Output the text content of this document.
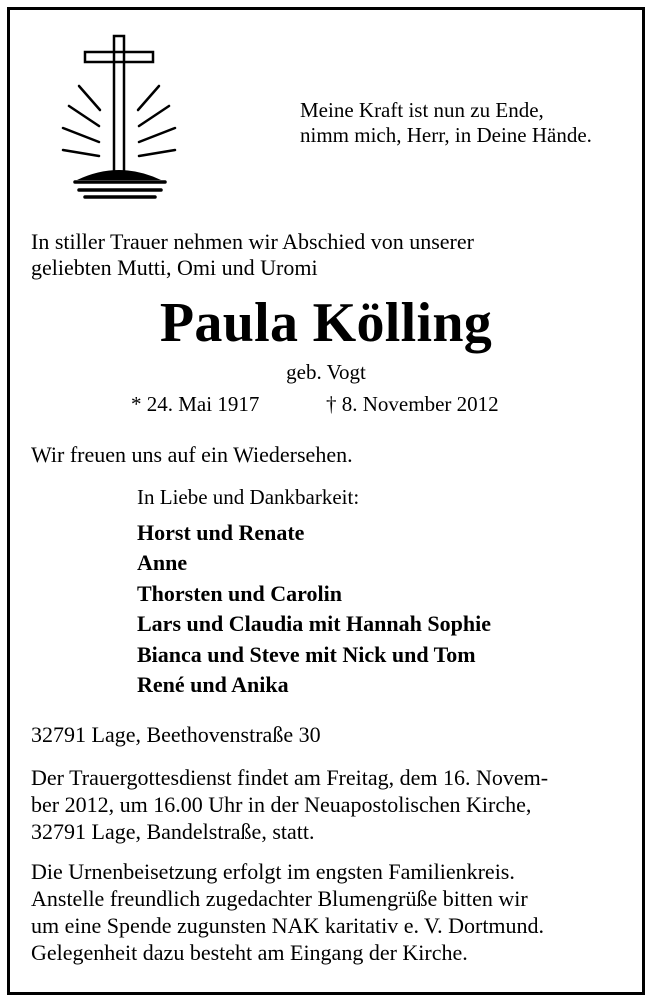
Meine Kraft ist nun zu Ende,
nimm mich, Herr, in Deine Hände.
In stiller Trauer nehmen wir Abschied von unserer
geliebten Mutti, Omi und Uromi
Paula Kölling
geb. Vogt
* 24. Mai 1917	† 8. November 2012
Wir freuen uns auf ein Wiedersehen.
In Liebe und Dankbarkeit:
Horst und Renate
Anne
Thorsten und Carolin
Lars und Claudia mit Hannah Sophie
Bianca und Steve mit Nick und Tom
René und Anika
32791 Lage, Beethovenstraße 30
Der Trauergottesdienst findet am Freitag, dem 16. Novem-
ber 2012, um 16.00 Uhr in der Neuapostolischen Kirche,
32791 Lage, Bandelstraße, statt.
Die Urnenbeisetzung erfolgt im engsten Familienkreis.
Anstelle freundlich zugedachter Blumengrüße bitten wir
um eine Spende zugunsten NAK karitativ e. V. Dortmund.
Gelegenheit dazu besteht am Eingang der Kirche.
